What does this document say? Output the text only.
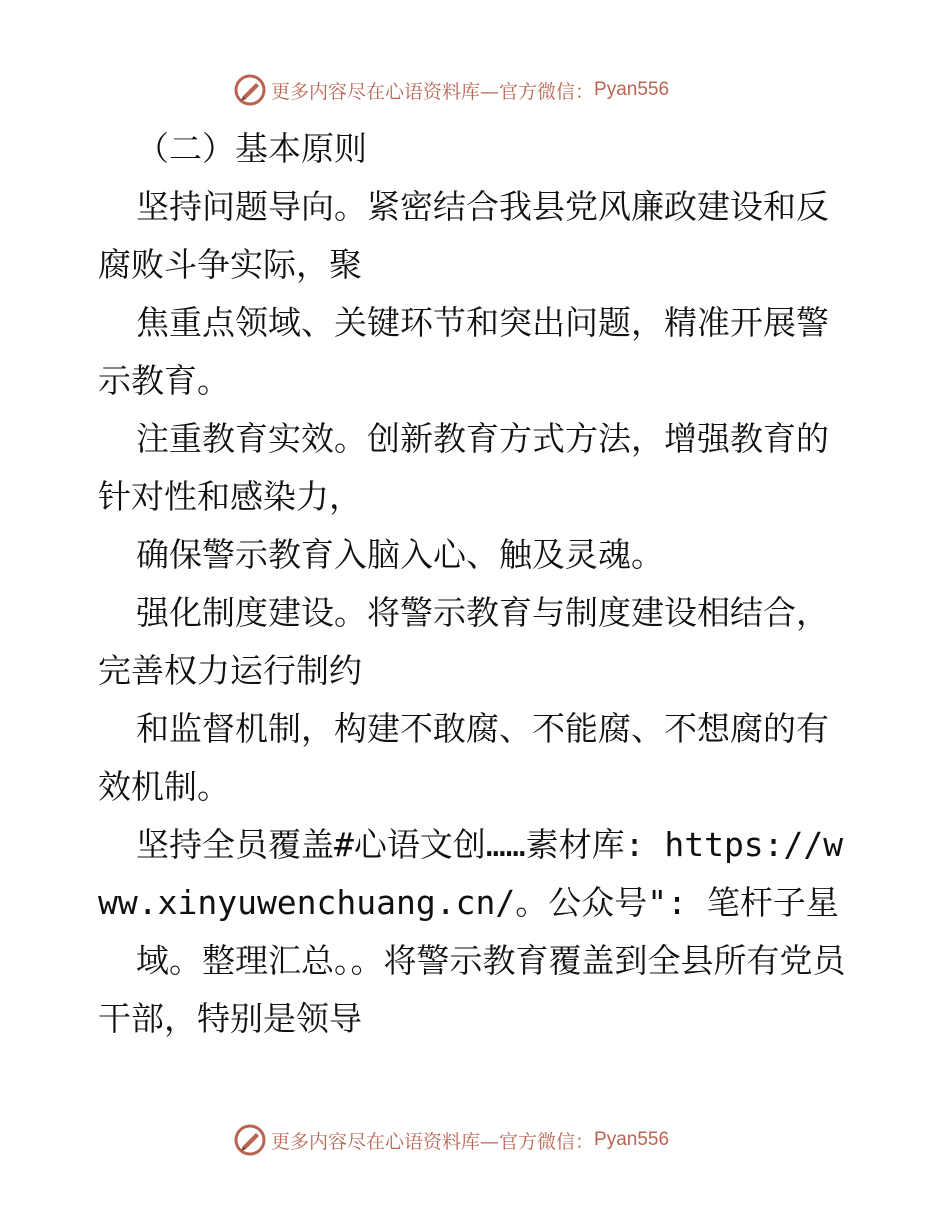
更多内容尽在心语资料库— 官方微信： Pyan556

（二）基本原则

坚持问题导向。紧密结合我县党风廉政建设和反腐败斗争实际，聚

焦重点领域、关键环节和突出问题，精准开展警示教育。

注重教育实效。创新教育方式方法，增强教育的针对性和感染力，

确保警示教育入脑入心、触及灵魂。

强化制度建设。将警示教育与制度建设相结合，完善权力运行制约

和监督机制，构建不敢腐、不能腐、不想腐的有效机制。

坚持全员覆盖#心语文创……素材库: https://www.xinyuwenchuang.cn/。公众号": 笔杆子星

域。整理汇总。。将警示教育覆盖到全县所有党员干部，特别是领导

更多内容尽在心语资料库— 官方微信： Pyan556
